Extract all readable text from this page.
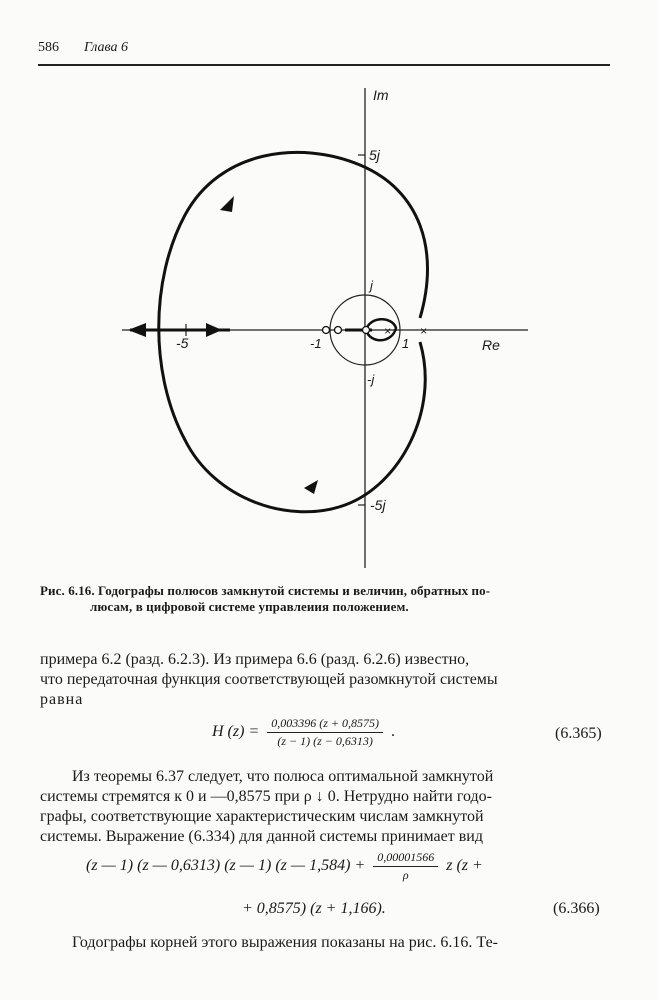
586 Глава 6
× ×
Im
Re
5j
-5j
j
-j
1
-1
-5
Рис. 6.16. Годографы полюсов замкнутой системы и величин, обратных по-
люсам, в цифровой системе управлеиия положением.
примера 6.2 (разд. 6.2.3). Из примера 6.6 (разд. 6.2.6) известно,
что передаточная функция соответствующей разомкнутой системы
равна
H $(z) = \frac{0,003396 (z + 0,8575)}{(z - 1) (z - 0,6313)}$ .	(6.365)
Из теоремы 6.37 следует, что полюса оптимальной замкнутой
системы стремятся к 0 и —0,8575 при ρ ↓ 0. Нетрудно найти годо-
графы, соответствующие характеристическим числам замкнутой
системы. Выражение (6.334) для данной системы принимает вид
(z — 1) (z — 0,6313) (z — 1) (z — $1,584) + \frac{0,00001566}{\rho}$ z (z +
+ 0,8575) (z + 1,166).	(6.366)
Годографы корней этого выражения показаны на рис. 6.16. Те-
